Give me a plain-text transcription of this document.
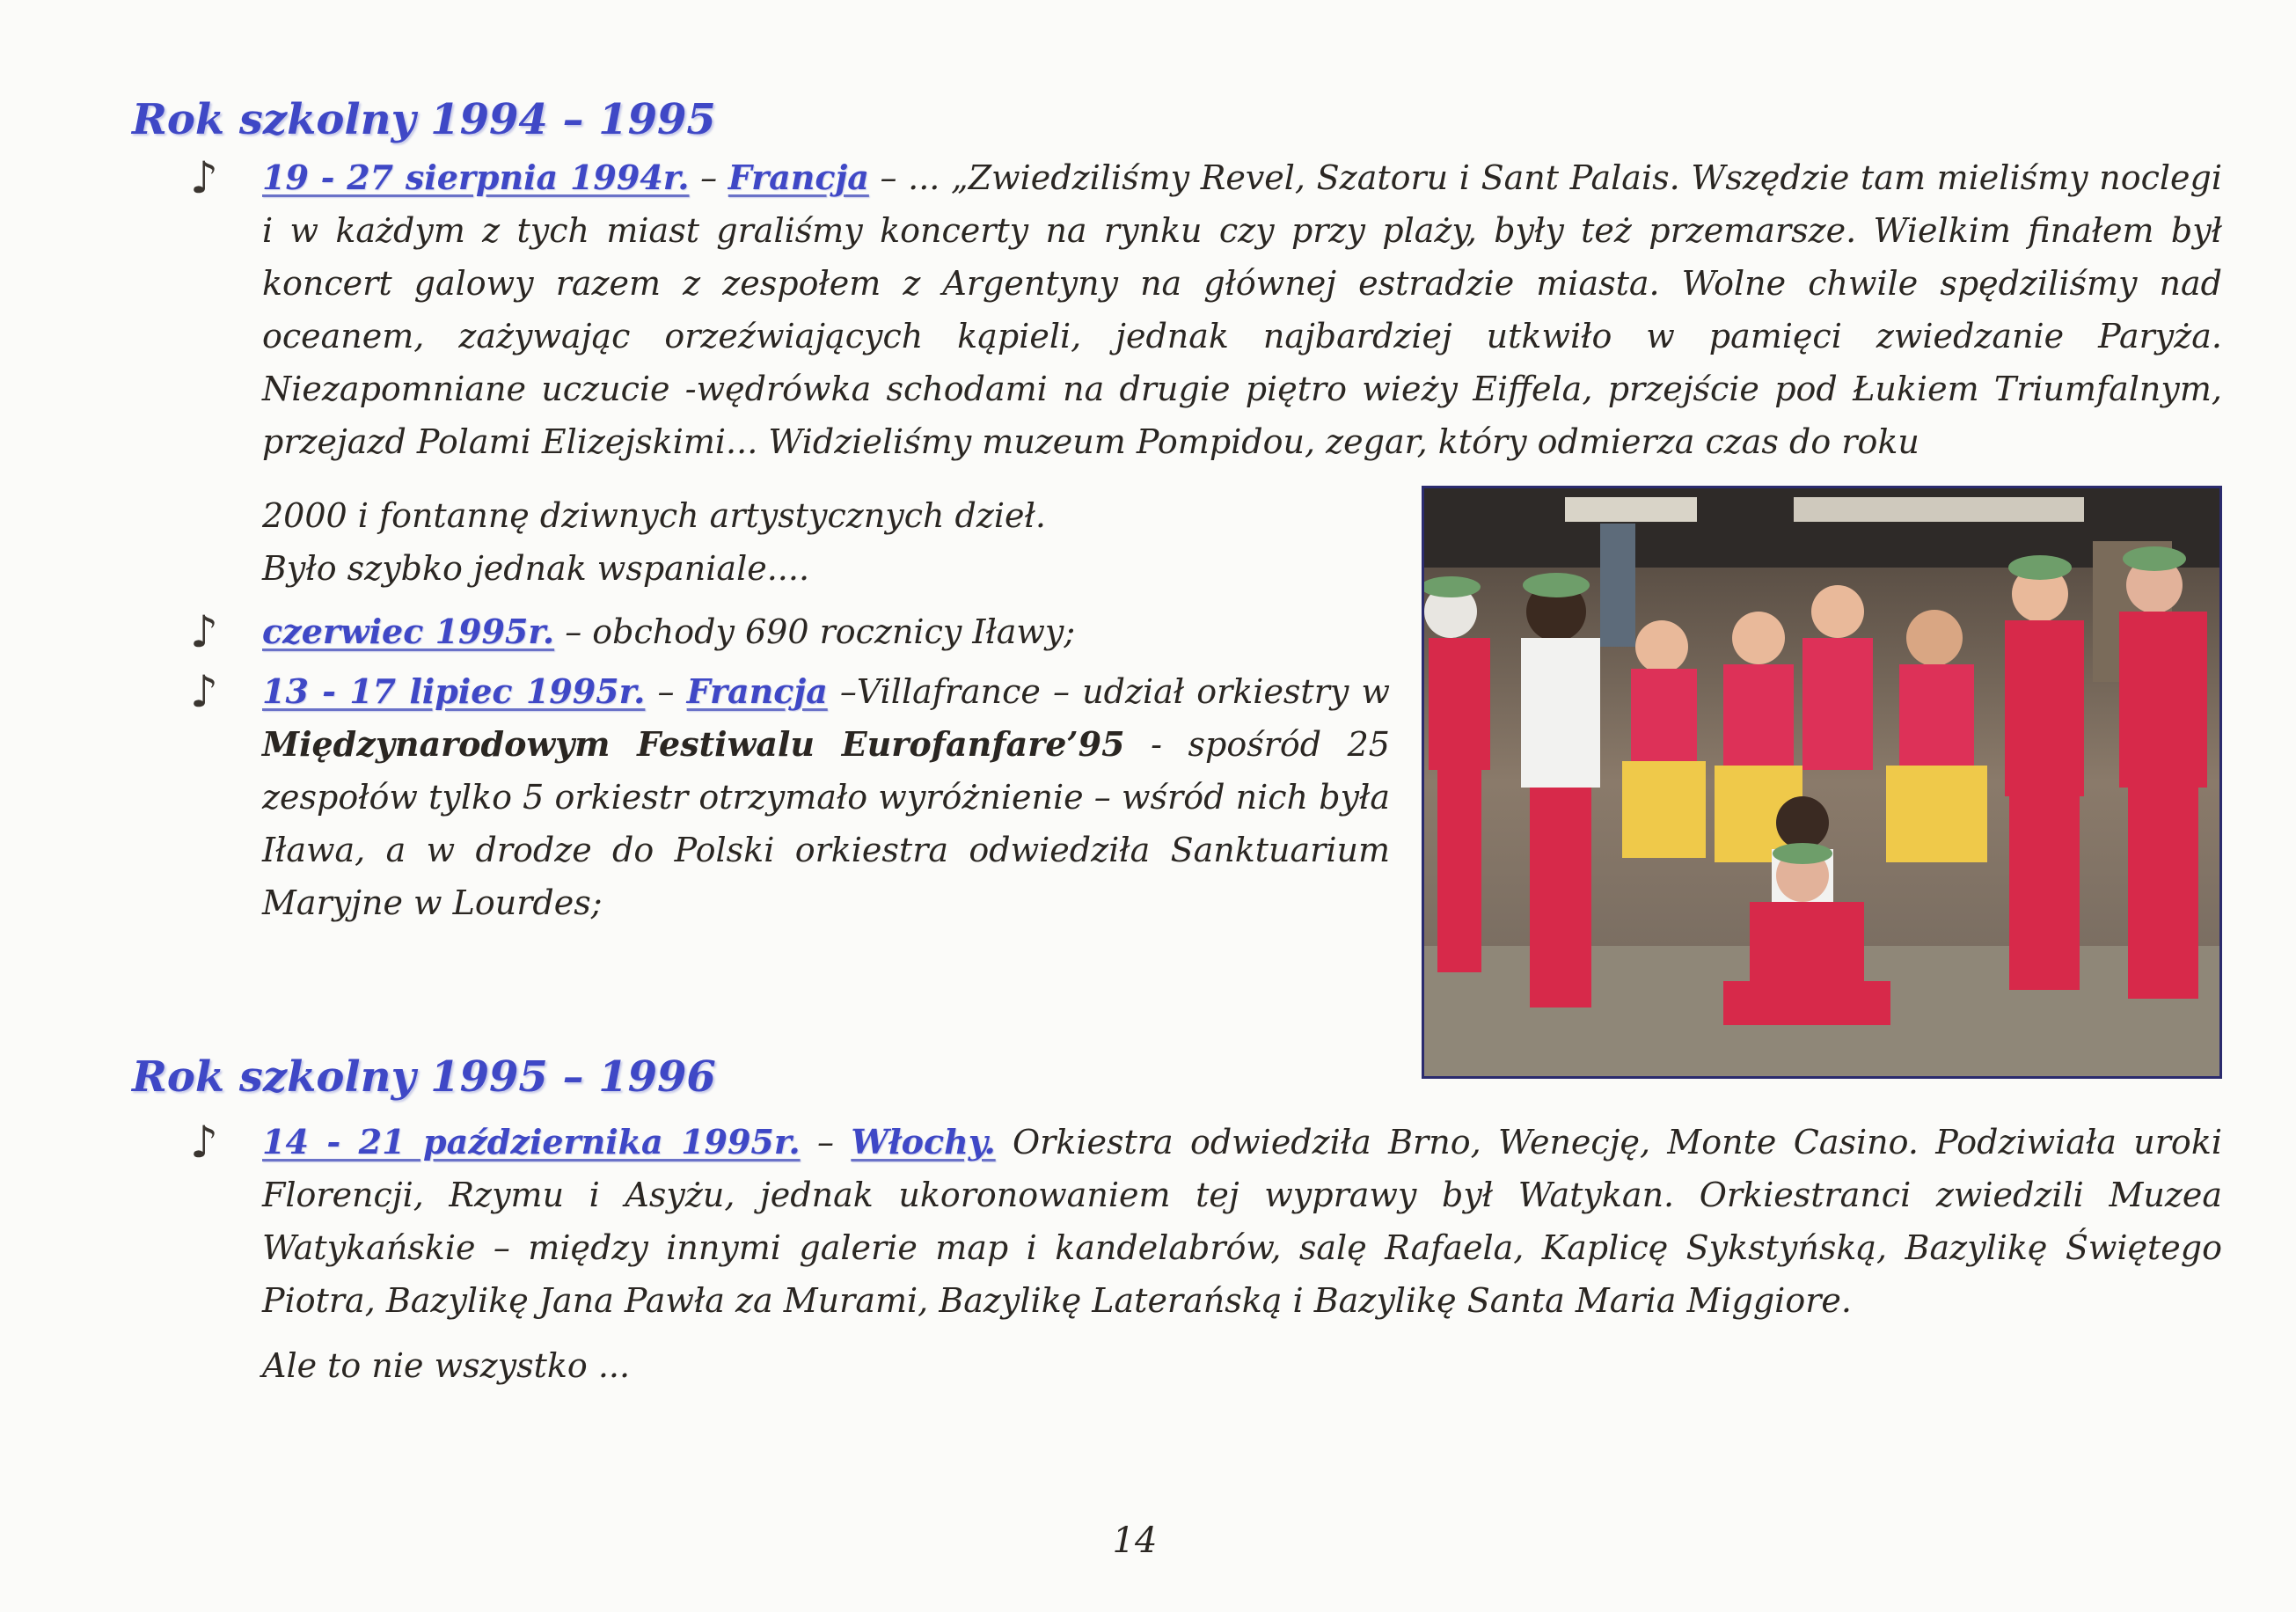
Rok szkolny 1994 – 1995
♪ 19 - 27 sierpnia 1994r. – Francja – ... „Zwiedziliśmy Revel, Szatoru i Sant Palais. Wszędzie tam mieliśmy noclegi i w każdym z tych miast graliśmy koncerty na rynku czy przy plaży, były też przemarsze. Wielkim finałem był koncert galowy razem z zespołem z Argentyny na głównej estradzie miasta. Wolne chwile spędziliśmy nad oceanem, zażywając orzeźwiających kąpieli, jednak najbardziej utkwiło w pamięci zwiedzanie Paryża. Niezapomniane uczucie -wędrówka schodami na drugie piętro wieży Eiffela, przejście pod Łukiem Triumfalnym, przejazd Polami Elizejskimi... Widzieliśmy muzeum Pompidou, zegar, który odmierza czas do roku

2000 i fontannę dziwnych artystycznych dzieł.

Było szybko jednak wspaniale....

♪ czerwiec 1995r. – obchody 690 rocznicy Iławy;

♪ 13 - 17 lipiec 1995r. – Francja –Villafrance – udział orkiestry w Międzynarodowym Festiwalu Eurofanfare’95 - spośród 25 zespołów tylko 5 orkiestr otrzymało wyróżnienie – wśród nich była Iława, a w drodze do Polski orkiestra odwiedziła Sanktuarium Maryjne w Lourdes;

Rok szkolny 1995 – 1996
♪ 14 - 21 października 1995r. – Włochy. Orkiestra odwiedziła Brno, Wenecję, Monte Casino. Podziwiała uroki Florencji, Rzymu i Asyżu, jednak ukoronowaniem tej wyprawy był Watykan. Orkiestranci zwiedzili Muzea Watykańskie – między innymi galerie map i kandelabrów, salę Rafaela, Kaplicę Sykstyńską, Bazylikę Świętego Piotra, Bazylikę Jana Pawła za Murami, Bazylikę Laterańską i Bazylikę Santa Maria Miggiore.

Ale to nie wszystko ...

14
